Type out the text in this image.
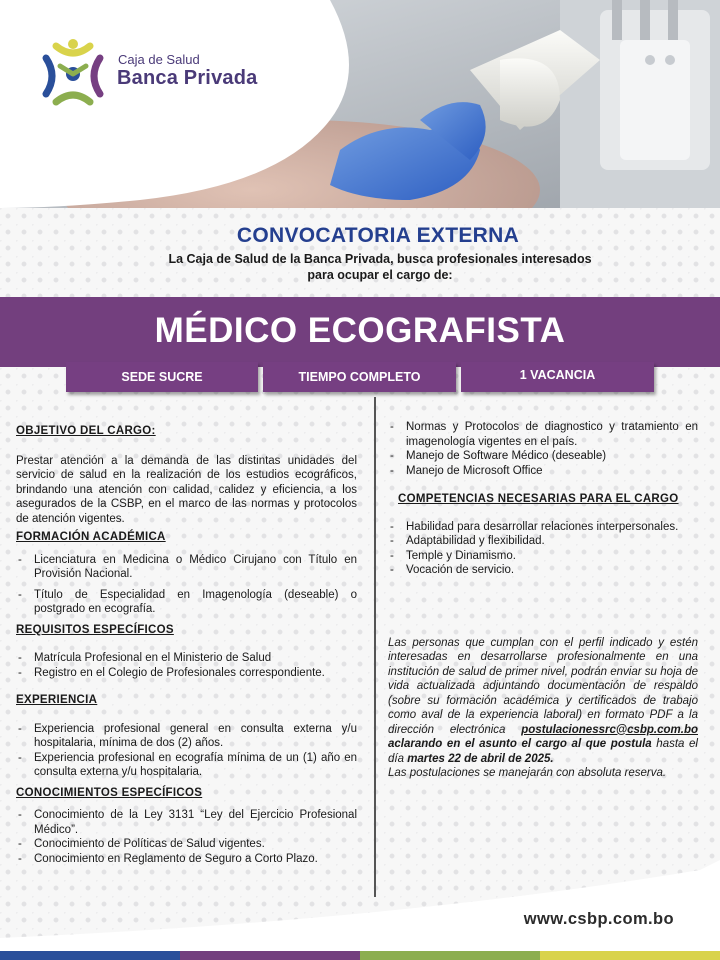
Caja de Salud
Banca Privada
CONVOCATORIA EXTERNA
La Caja de Salud de la Banca Privada, busca profesionales interesados
para ocupar el cargo de:
MÉDICO ECOGRAFISTA
SEDE SUCRE	TIEMPO COMPLETO	1 VACANCIA
OBJETIVO DEL CARGO:
Prestar atención a la demanda de las distintas unidades del servicio de salud en la realización de los estudios ecográficos, brindando una atención con calidad, calidez y eficiencia, a los asegurados de la CSBP, en el marco de las normas y protocolos de atención vigentes.
FORMACIÓN ACADÉMICA
- Licenciatura en Medicina o Médico Cirujano con Título en Provisión Nacional.
- Título de Especialidad en Imagenología (deseable) o postgrado en ecografía.
REQUISITOS ESPECÍFICOS
- Matrícula Profesional en el Ministerio de Salud
- Registro en el Colegio de Profesionales correspondiente.
EXPERIENCIA
- Experiencia profesional general en consulta externa y/u hospitalaria, mínima de dos (2) años.
- Experiencia profesional en ecografía mínima de un (1) año en consulta externa y/u hospitalaria.
CONOCIMIENTOS ESPECÍFICOS
- Conocimiento de la Ley 3131 “Ley del Ejercicio Profesional Médico”.
- Conocimiento de Políticas de Salud vigentes.
- Conocimiento en Reglamento de Seguro a Corto Plazo.
- Normas y Protocolos de diagnostico y tratamiento en imagenología vigentes en el país.
- Manejo de Software Médico (deseable)
- Manejo de Microsoft Office
COMPETENCIAS NECESARIAS PARA EL CARGO
- Habilidad para desarrollar relaciones interpersonales.
- Adaptabilidad y flexibilidad.
- Temple y Dinamismo.
- Vocación de servicio.
Las personas que cumplan con el perfil indicado y estén interesadas en desarrollarse profesionalmente en una institución de salud de primer nivel, podrán enviar su hoja de vida actualizada adjuntando documentación de respaldo (sobre su formación académica y certificados de trabajo como aval de la experiencia laboral) en formato PDF a la dirección electrónica postulacionessrc@csbp.com.bo aclarando en el asunto el cargo al que postula hasta el día martes 22 de abril de 2025.
Las postulaciones se manejarán con absoluta reserva.
www.csbp.com.bo
